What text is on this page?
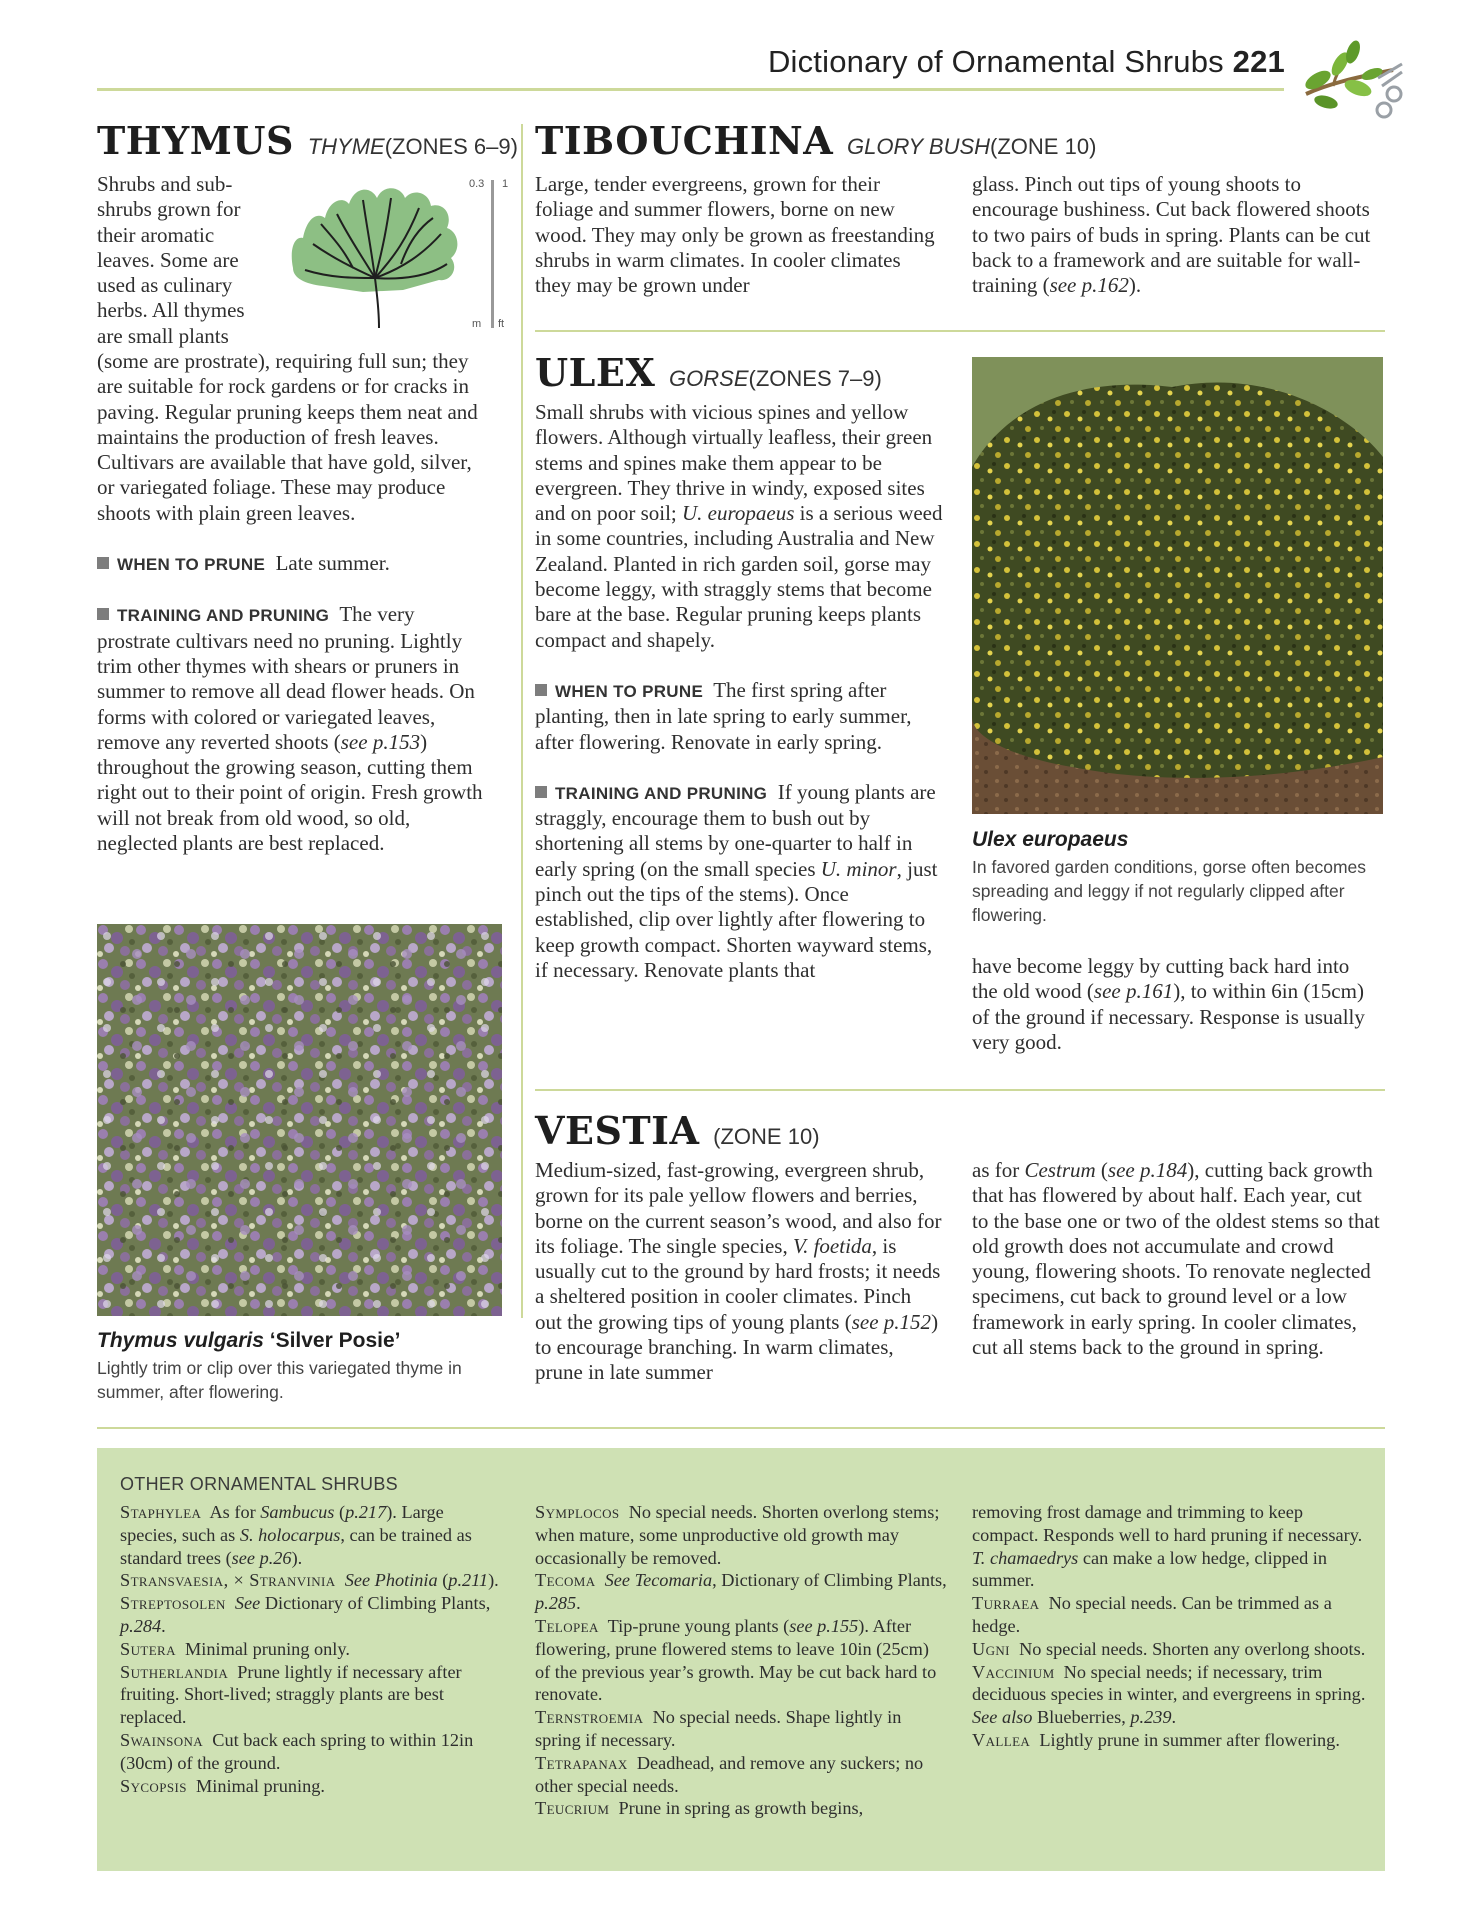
Dictionary of Ornamental Shrubs 221
THYMUS THYME(ZONES 6–9)
0.3 1
m ft
Shrubs and sub-
shrubs grown for
their aromatic
leaves. Some are
used as culinary
herbs. All thymes
are small plants

(some are prostrate), requiring full sun; they are suitable for rock gardens or for cracks in paving. Regular pruning keeps them neat and maintains the production of fresh leaves. Cultivars are available that have gold, silver, or variegated foliage. These may produce shoots with plain green leaves.

WHEN TO PRUNE Late summer.

TRAINING AND PRUNING The very prostrate cultivars need no pruning. Lightly trim other thymes with shears or pruners in summer to remove all dead flower heads. On forms with colored or variegated leaves, remove any reverted shoots (see p.153) throughout the growing season, cutting them right out to their point of origin. Fresh growth will not break from old wood, so old, neglected plants are best replaced.

Thymus vulgaris ‘Silver Posie’
Lightly trim or clip over this variegated thyme in summer, after flowering.
TIBOUCHINA GLORY BUSH(ZONE 10)
Large, tender evergreens, grown for their foliage and summer flowers, borne on new wood. They may only be grown as freestanding shrubs in warm climates. In cooler climates they may be grown under
glass. Pinch out tips of young shoots to encourage bushiness. Cut back flowered shoots to two pairs of buds in spring. Plants can be cut back to a framework and are suitable for wall-training (see p.162).
ULEX GORSE(ZONES 7–9)

Small shrubs with vicious spines and yellow flowers. Although virtually leafless, their green stems and spines make them appear to be evergreen. They thrive in windy, exposed sites and on poor soil; U. europaeus is a serious weed in some countries, including Australia and New Zealand. Planted in rich garden soil, gorse may become leggy, with straggly stems that become bare at the base. Regular pruning keeps plants compact and shapely.

WHEN TO PRUNE The first spring after planting, then in late spring to early summer, after flowering. Renovate in early spring.

TRAINING AND PRUNING If young plants are straggly, encourage them to bush out by shortening all stems by one-quarter to half in early spring (on the small species U. minor, just pinch out the tips of the stems). Once established, clip over lightly after flowering to keep growth compact. Shorten wayward stems, if necessary. Renovate plants that

Ulex europaeus
In favored garden conditions, gorse often becomes spreading and leggy if not regularly clipped after flowering.
have become leggy by cutting back hard into the old wood (see p.161), to within 6in (15cm) of the ground if necessary. Response is usually very good.
VESTIA (ZONE 10)
Medium-sized, fast-growing, evergreen shrub, grown for its pale yellow flowers and berries, borne on the current season’s wood, and also for its foliage. The single species, V. foetida, is usually cut to the ground by hard frosts; it needs a sheltered position in cooler climates. Pinch out the growing tips of young plants (see p.152) to encourage branching. In warm climates, prune in late summer
as for Cestrum (see p.184), cutting back growth that has flowered by about half. Each year, cut to the base one or two of the oldest stems so that old growth does not accumulate and crowd young, flowering shoots. To renovate neglected specimens, cut back to ground level or a low framework in early spring. In cooler climates, cut all stems back to the ground in spring.
OTHER ORNAMENTAL SHRUBS

Staphylea As for Sambucus (p.217). Large species, such as S. holocarpus, can be trained as standard trees (see p.26).

Stransvaesia, × Stranvinia See Photinia (p.211).

Streptosolen See Dictionary of Climbing Plants, p.284.

Sutera Minimal pruning only.

Sutherlandia Prune lightly if necessary after fruiting. Short-lived; straggly plants are best replaced.

Swainsona Cut back each spring to within 12in (30cm) of the ground.

Sycopsis Minimal pruning.

Symplocos No special needs. Shorten overlong stems; when mature, some unproductive old growth may occasionally be removed.

Tecoma See Tecomaria, Dictionary of Climbing Plants, p.285.

Telopea Tip-prune young plants (see p.155). After flowering, prune flowered stems to leave 10in (25cm) of the previous year’s growth. May be cut back hard to renovate.

Ternstroemia No special needs. Shape lightly in spring if necessary.

Tetrapanax Deadhead, and remove any suckers; no other special needs.

Teucrium Prune in spring as growth begins,

removing frost damage and trimming to keep compact. Responds well to hard pruning if necessary. T. chamaedrys can make a low hedge, clipped in summer.

Turraea No special needs. Can be trimmed as a hedge.

Ugni No special needs. Shorten any overlong shoots.

Vaccinium No special needs; if necessary, trim deciduous species in winter, and evergreens in spring. See also Blueberries, p.239.

Vallea Lightly prune in summer after flowering.
